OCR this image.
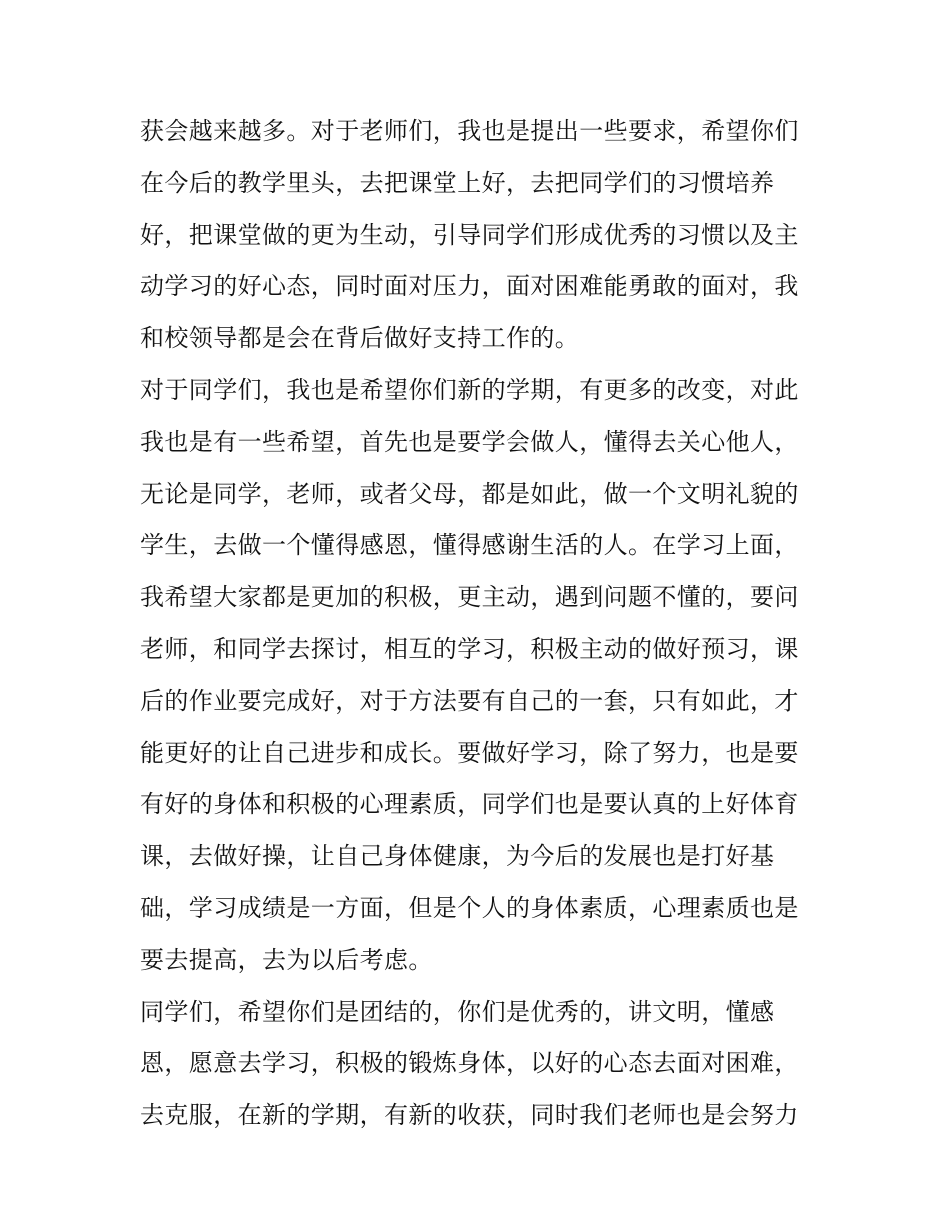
获会越来越多。对于老师们，我也是提出一些要求，希望你们
在今后的教学里头，去把课堂上好，去把同学们的习惯培养
好，把课堂做的更为生动，引导同学们形成优秀的习惯以及主
动学习的好心态，同时面对压力，面对困难能勇敢的面对，我
和校领导都是会在背后做好支持工作的。
对于同学们，我也是希望你们新的学期，有更多的改变，对此
我也是有一些希望，首先也是要学会做人，懂得去关心他人，
无论是同学，老师，或者父母，都是如此，做一个文明礼貌的
学生，去做一个懂得感恩，懂得感谢生活的人。在学习上面，
我希望大家都是更加的积极，更主动，遇到问题不懂的，要问
老师，和同学去探讨，相互的学习，积极主动的做好预习，课
后的作业要完成好，对于方法要有自己的一套，只有如此，才
能更好的让自己进步和成长。要做好学习，除了努力，也是要
有好的身体和积极的心理素质，同学们也是要认真的上好体育
课，去做好操，让自己身体健康，为今后的发展也是打好基
础，学习成绩是一方面，但是个人的身体素质，心理素质也是
要去提高，去为以后考虑。
同学们，希望你们是团结的，你们是优秀的，讲文明，懂感
恩，愿意去学习，积极的锻炼身体，以好的心态去面对困难，
去克服，在新的学期，有新的收获，同时我们老师也是会努力
